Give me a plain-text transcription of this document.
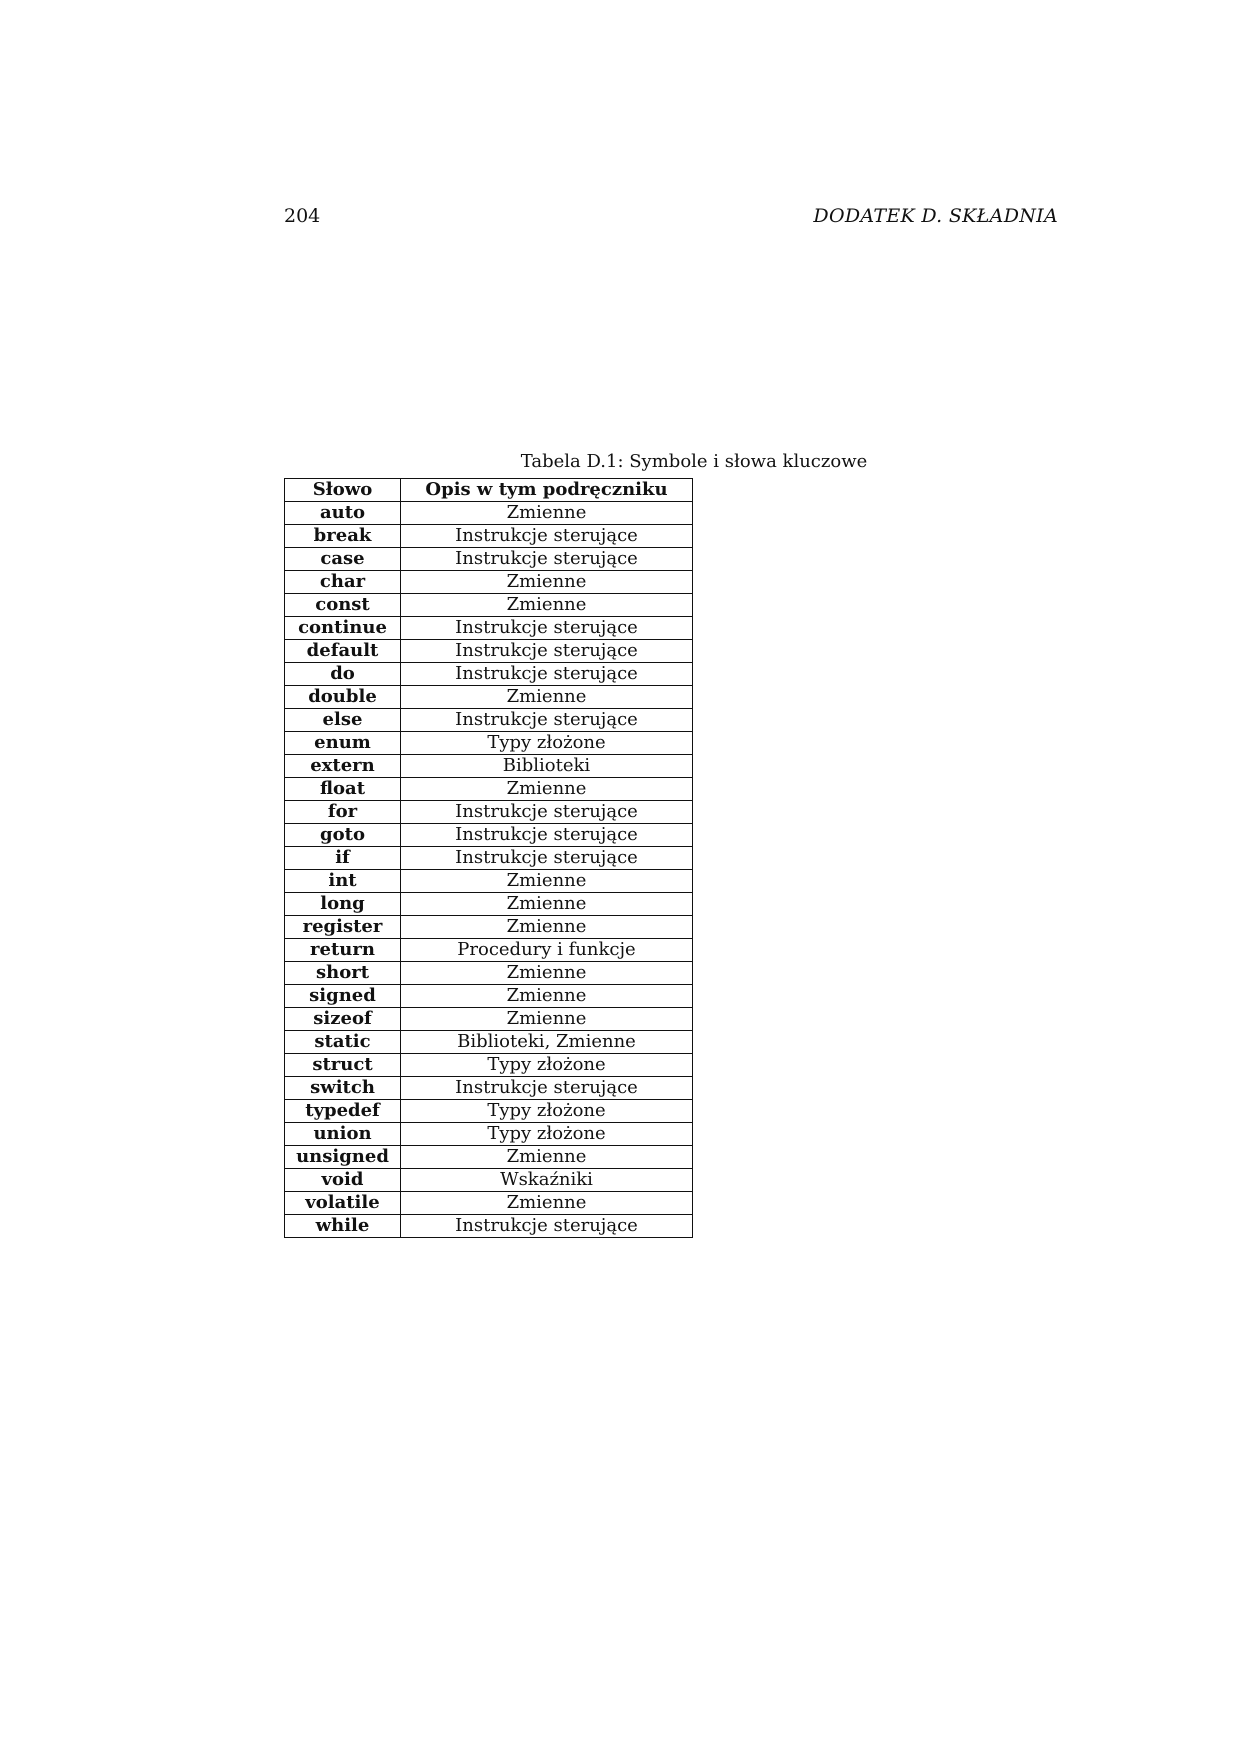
204	DODATEK D. SKŁADNIA
Tabela D.1: Symbole i słowa kluczowe
Słowo	Opis w tym podręczniku
auto	Zmienne
break	Instrukcje sterujące
case	Instrukcje sterujące
char	Zmienne
const	Zmienne
continue	Instrukcje sterujące
default	Instrukcje sterujące
do	Instrukcje sterujące
double	Zmienne
else	Instrukcje sterujące
enum	Typy złożone
extern	Biblioteki
float	Zmienne
for	Instrukcje sterujące
goto	Instrukcje sterujące
if	Instrukcje sterujące
int	Zmienne
long	Zmienne
register	Zmienne
return	Procedury i funkcje
short	Zmienne
signed	Zmienne
sizeof	Zmienne
static	Biblioteki, Zmienne
struct	Typy złożone
switch	Instrukcje sterujące
typedef	Typy złożone
union	Typy złożone
unsigned	Zmienne
void	Wskaźniki
volatile	Zmienne
while	Instrukcje sterujące
